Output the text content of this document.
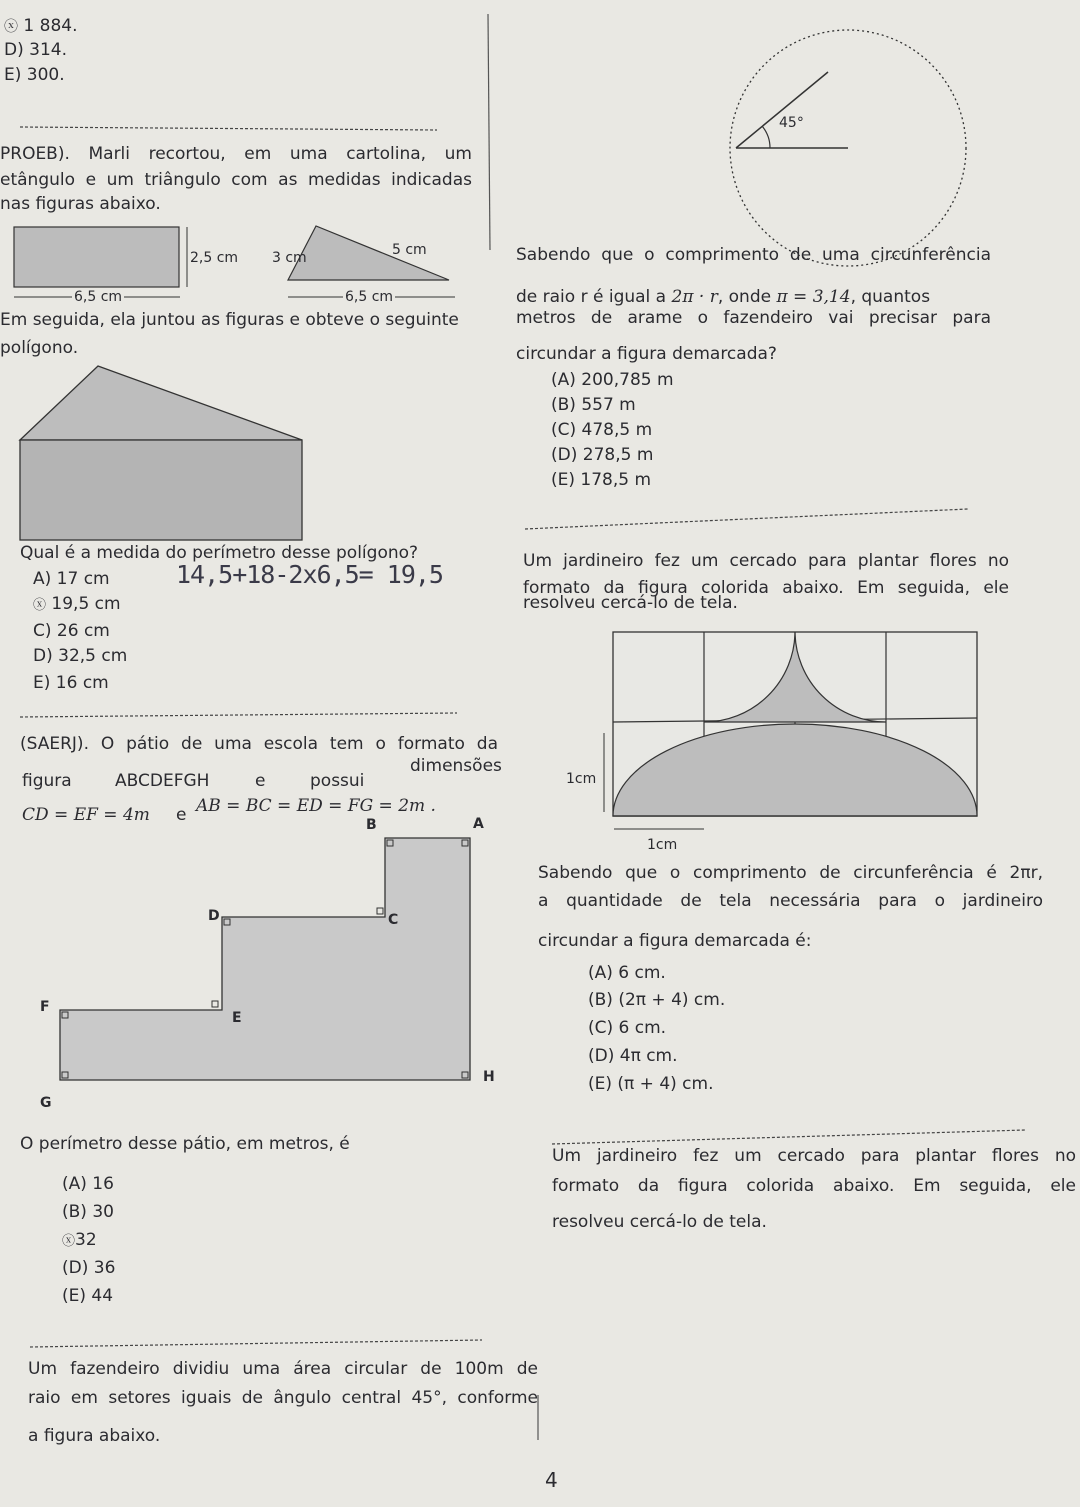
ⓧ 1 884.
D) 314.
E) 300.
PROEB). Marli recortou, em uma cartolina, um
etângulo e um triângulo com as medidas indicadas
nas figuras abaixo.
2,5 cm
6,5 cm
3 cm	5 cm
6,5 cm
Em seguida, ela juntou as figuras e obteve o seguinte
polígono.
Qual é a medida do perímetro desse polígono?
A) 17 cm
ⓧ 19,5 cm
C) 26 cm
D) 32,5 cm
E) 16 cm
14,5+18-2x6,5= 19,5
(SAERJ). O pátio de uma escola tem o formato da
figura	ABCDEFGH	e	possui
dimensões
CD = EF = 4m e AB = BC = ED = FG = 2m .
A
B
C
D
E
F
G
H
O perímetro desse pátio, em metros, é
(A) 16
(B) 30
ⓧ32
(D) 36
(E) 44
Um fazendeiro dividiu uma área circular de 100m de
raio em setores iguais de ângulo central 45°, conforme
a figura abaixo.
4
45°
Sabendo que o comprimento de uma circunferência
de raio r é igual a 2π · r, onde π = 3,14, quantos
metros de arame o fazendeiro vai precisar para
circundar a figura demarcada?
(A) 200,785 m
(B) 557 m
(C) 478,5 m
(D) 278,5 m
(E) 178,5 m
Um jardineiro fez um cercado para plantar flores no
formato da figura colorida abaixo. Em seguida, ele
resolveu cercá-lo de tela.
1cm
1cm
Sabendo que o comprimento de circunferência é 2πr,
a quantidade de tela necessária para o jardineiro
circundar a figura demarcada é:
(A) 6 cm.
(B) (2π + 4) cm.
(C) 6 cm.
(D) 4π cm.
(E) (π + 4) cm.
Um jardineiro fez um cercado para plantar flores no
formato da figura colorida abaixo. Em seguida, ele
resolveu cercá-lo de tela.
